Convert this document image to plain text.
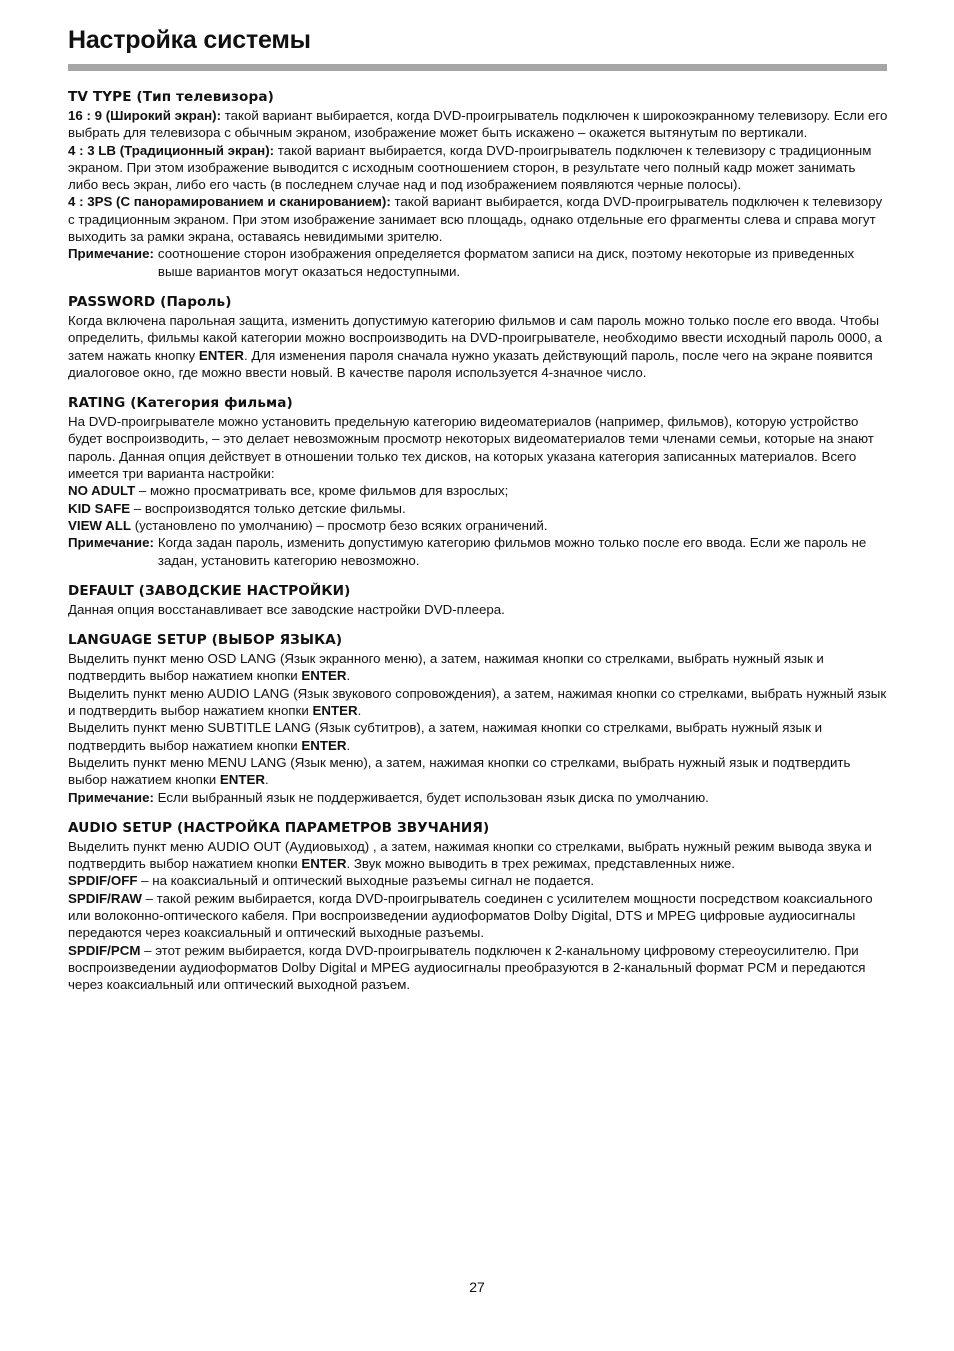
Настройка системы
TV TYPE (Тип телевизора)

16 : 9 (Широкий экран): такой вариант выбирается, когда DVD-проигрыватель подключен к широкоэкранному телевизору. Если его выбрать для телевизора с обычным экраном, изображение может быть искажено – окажется вытянутым по вертикали.

4 : 3 LB (Традиционный экран): такой вариант выбирается, когда DVD-проигрыватель подключен к телевизору с традиционным экраном. При этом изображение выводится с исходным соотношением сторон, в результате чего полный кадр может занимать либо весь экран, либо его часть (в последнем случае над и под изображением появляются черные полосы).

4 : 3PS (С панорамированием и сканированием): такой вариант выбирается, когда DVD-проигрыватель подключен к телевизору с традиционным экраном. При этом изображение занимает всю площадь, однако отдельные его фрагменты слева и справа могут выходить за рамки экрана, оставаясь невидимыми зрителю.

Примечание: соотношение сторон изображения определяется форматом записи на диск, поэтому некоторые из приведенных выше вариантов могут оказаться недоступными.
PASSWORD (Пароль)

Когда включена парольная защита, изменить допустимую категорию фильмов и сам пароль можно только после его ввода. Чтобы определить, фильмы какой категории можно воспроизводить на DVD-проигрывателе, необходимо ввести исходный пароль 0000, а затем нажать кнопку ENTER. Для изменения пароля сначала нужно указать действующий пароль, после чего на экране появится диалоговое окно, где можно ввести новый. В качестве пароля используется 4-значное число.

RATING (Категория фильма)

На DVD-проигрывателе можно установить предельную категорию видеоматериалов (например, фильмов), которую устройство будет воспроизводить, – это делает невозможным просмотр некоторых видеоматериалов теми членами семьи, которые на знают пароль. Данная опция действует в отношении только тех дисков, на которых указана категория записанных материалов. Всего имеется три варианта настройки:

NO ADULT – можно просматривать все, кроме фильмов для взрослых;

KID SAFE – воспроизводятся только детские фильмы.

VIEW ALL (установлено по умолчанию) – просмотр безо всяких ограничений.

Примечание: Когда задан пароль, изменить допустимую категорию фильмов можно только после его ввода. Если же пароль не задан, установить категорию невозможно.
DEFAULT (ЗАВОДСКИЕ НАСТРОЙКИ)

Данная опция восстанавливает все заводские настройки DVD-плеера.

LANGUAGE SETUP (ВЫБОР ЯЗЫКА)

Выделить пункт меню OSD LANG (Язык экранного меню), а затем, нажимая кнопки со стрелками, выбрать нужный язык и подтвердить выбор нажатием кнопки ENTER.

Выделить пункт меню AUDIO LANG (Язык звукового сопровождения), а затем, нажимая кнопки со стрелками, выбрать нужный язык и подтвердить выбор нажатием кнопки ENTER.

Выделить пункт меню SUBTITLE LANG (Язык субтитров), а затем, нажимая кнопки со стрелками, выбрать нужный язык и подтвердить выбор нажатием кнопки ENTER.

Выделить пункт меню MENU LANG (Язык меню), а затем, нажимая кнопки со стрелками, выбрать нужный язык и подтвердить выбор нажатием кнопки ENTER.

Примечание: Если выбранный язык не поддерживается, будет использован язык диска по умолчанию.

AUDIO SETUP (НАСТРОЙКА ПАРАМЕТРОВ ЗВУЧАНИЯ)

Выделить пункт меню AUDIO OUT (Аудиовыход) , а затем, нажимая кнопки со стрелками, выбрать нужный режим вывода звука и подтвердить выбор нажатием кнопки ENTER. Звук можно выводить в трех режимах, представленных ниже.

SPDIF/OFF – на коаксиальный и оптический выходные разъемы сигнал не подается.

SPDIF/RAW – такой режим выбирается, когда DVD-проигрыватель соединен с усилителем мощности посредством коаксиального или волоконно-оптического кабеля. При воспроизведении аудиоформатов Dolby Digital, DTS и MPEG цифровые аудиосигналы передаются через коаксиальный и оптический выходные разъемы.

SPDIF/PCM – этот режим выбирается, когда DVD-проигрыватель подключен к 2-канальному цифровому стереоусилителю. При воспроизведении аудиоформатов Dolby Digital и MPEG аудиосигналы преобразуются в 2-канальный формат PCM и передаются через коаксиальный или оптический выходной разъем.

27
